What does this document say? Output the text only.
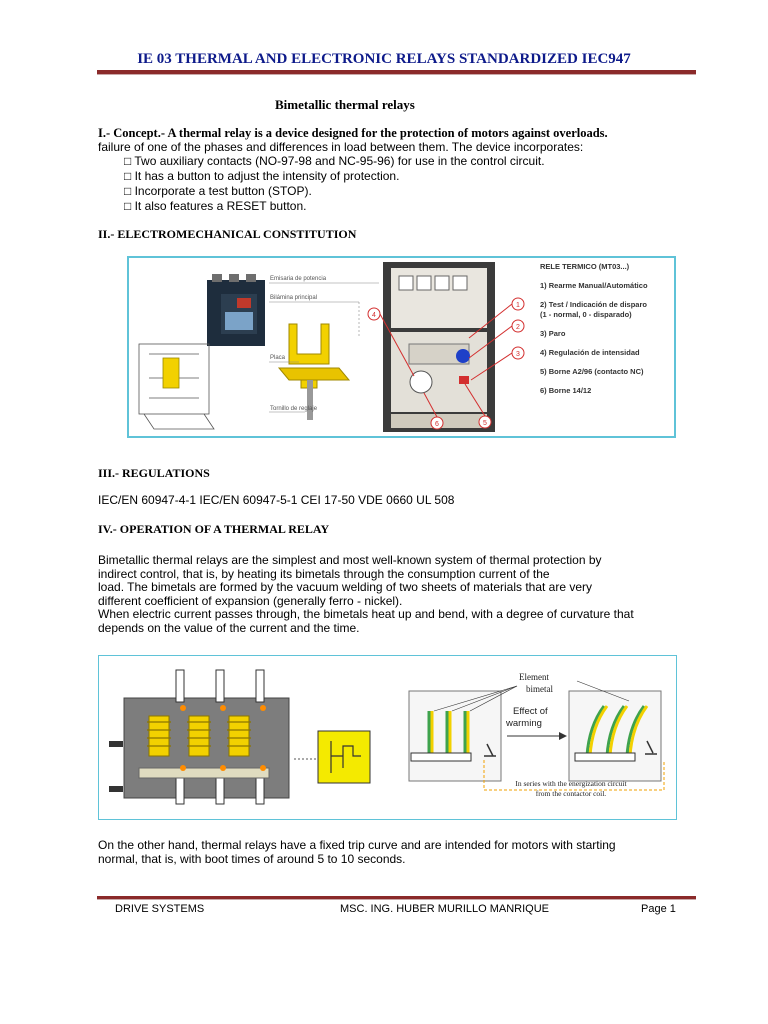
IE 03 THERMAL AND ELECTRONIC RELAYS STANDARDIZED IEC947
Bimetallic thermal relays
I.- Concept.- A thermal relay is a device designed for the protection of motors against overloads.
failure of one of the phases and differences in load between them. The device incorporates:
□ Two auxiliary contacts (NO-97-98 and NC-95-96) for use in the control circuit.
□ It has a button to adjust the intensity of protection.
□ Incorporate a test button (STOP).
□ It also features a RESET button.
II.- ELECTROMECHANICAL CONSTITUTION
Emisaria de potencia
Bilámina principal
Placa
Tornillo de reglaje
1
2
3
4
5
6
RELE TERMICO (MT03...)
1) Rearme Manual/Automático
2) Test / Indicación de disparo
(1 - normal, 0 - disparado)
3) Paro
4) Regulación de intensidad
5) Borne A2/96 (contacto NC)
6) Borne 14/12
III.- REGULATIONS
IEC/EN 60947-4-1 IEC/EN 60947-5-1 CEI 17-50 VDE 0660 UL 508
IV.- OPERATION OF A THERMAL RELAY
Bimetallic thermal relays are the simplest and most well-known system of thermal protection by
indirect control, that is, by heating its bimetals through the consumption current of the
load. The bimetals are formed by the vacuum welding of two sheets of materials that are very
different coefficient of expansion (generally ferro - nickel).
When electric current passes through, the bimetals heat up and bend, with a degree of curvature that
depends on the value of the current and the time.
Element
bimetal
Effect of
warming
In series with the energization circuit
from the contactor coil.
On the other hand, thermal relays have a fixed trip curve and are intended for motors with starting
normal, that is, with boot times of around 5 to 10 seconds.
DRIVE SYSTEMS	MSC. ING. HUBER MURILLO MANRIQUE	Page 1
